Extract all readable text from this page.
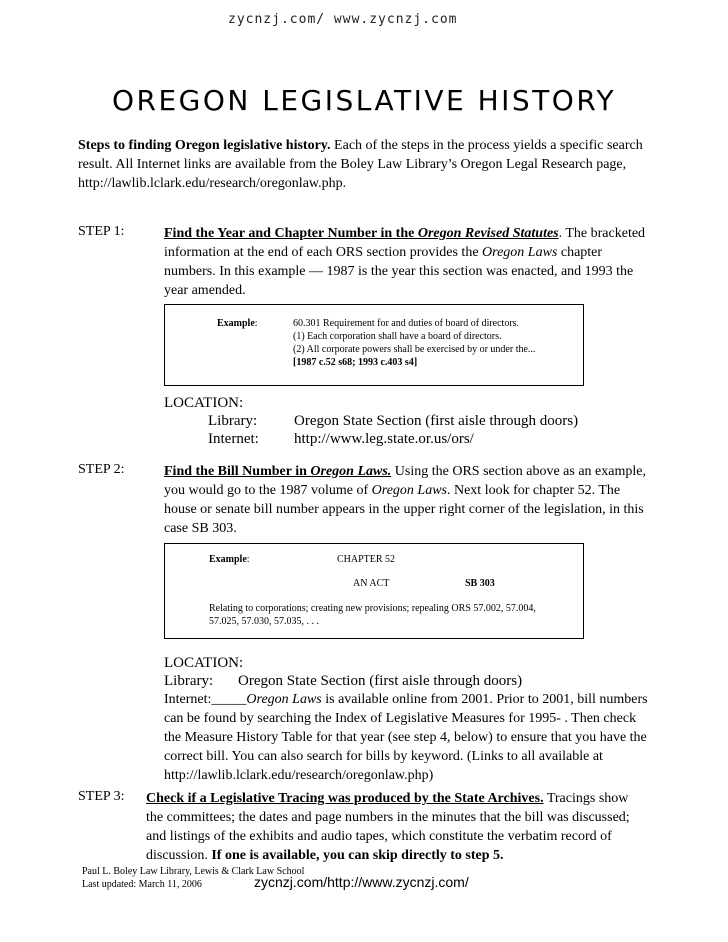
zycnzj.com/ www.zycnzj.com
OREGON LEGISLATIVE HISTORY
Steps to finding Oregon legislative history. Each of the steps in the process yields a specific search result. All Internet links are available from the Boley Law Library’s Oregon Legal Research page, http://lawlib.lclark.edu/research/oregonlaw.php.
STEP 1:	Find the Year and Chapter Number in the Oregon Revised Statutes. The bracketed information at the end of each ORS section provides the Oregon Laws chapter numbers. In this example — 1987 is the year this section was enacted, and 1993 the year amended.
Example:	60.301 Requirement for and duties of board of directors.
(1) Each corporation shall have a board of directors.
(2) All corporate powers shall be exercised by or under the...
[1987 c.52 s68; 1993 c.403 s4]
LOCATION:
Library: Oregon State Section (first aisle through doors)
Internet: http://www.leg.state.or.us/ors/
STEP 2:	Find the Bill Number in Oregon Laws. Using the ORS section above as an example, you would go to the 1987 volume of Oregon Laws. Next look for chapter 52. The house or senate bill number appears in the upper right corner of the legislation, in this case SB 303.
Example:	CHAPTER 52
AN ACT	SB 303
Relating to corporations; creating new provisions; repealing ORS 57.002, 57.004, 57.025, 57.030, 57.035, . . .
LOCATION:
Library: Oregon State Section (first aisle through doors)
Internet:_____Oregon Laws is available online from 2001. Prior to 2001, bill numbers can be found by searching the Index of Legislative Measures for 1995- . Then check the Measure History Table for that year (see step 4, below) to ensure that you have the correct bill. You can also search for bills by keyword. (Links to all available at http://lawlib.lclark.edu/research/oregonlaw.php)
STEP 3: Check if a Legislative Tracing was produced by the State Archives. Tracings show the committees; the dates and page numbers in the minutes that the bill was discussed; and listings of the exhibits and audio tapes, which constitute the verbatim record of discussion. If one is available, you can skip directly to step 5.
Paul L. Boley Law Library, Lewis & Clark Law School
Last updated: March 11, 2006	zycnzj.com/http://www.zycnzj.com/
